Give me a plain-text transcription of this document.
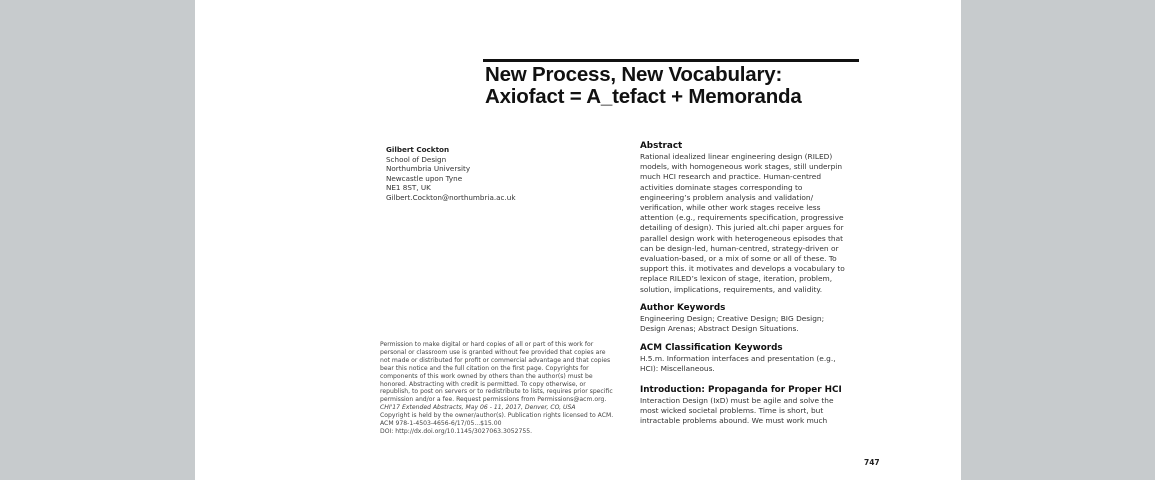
New Process, New Vocabulary:
Axiofact = A_tefact + Memoranda
Gilbert Cockton
School of Design
Northumbria University
Newcastle upon Tyne
NE1 8ST, UK
Gilbert.Cockton@northumbria.ac.uk
Abstract
Rational idealized linear engineering design (RILED)
models, with homogeneous work stages, still underpin
much HCI research and practice. Human-centred
activities dominate stages corresponding to
engineering’s problem analysis and validation/
verification, while other work stages receive less
attention (e.g., requirements specification, progressive
detailing of design). This juried alt.chi paper argues for
parallel design work with heterogeneous episodes that
can be design-led, human-centred, strategy-driven or
evaluation-based, or a mix of some or all of these. To
support this. it motivates and develops a vocabulary to
replace RILED’s lexicon of stage, iteration, problem,
solution, implications, requirements, and validity.
Author Keywords
Engineering Design; Creative Design; BIG Design;
Design Arenas; Abstract Design Situations.
ACM Classification Keywords
H.5.m. Information interfaces and presentation (e.g.,
HCI): Miscellaneous.
Introduction: Propaganda for Proper HCI
Interaction Design (IxD) must be agile and solve the
most wicked societal problems. Time is short, but
intractable problems abound. We must work much
Permission to make digital or hard copies of all or part of this work for
personal or classroom use is granted without fee provided that copies are
not made or distributed for profit or commercial advantage and that copies
bear this notice and the full citation on the first page. Copyrights for
components of this work owned by others than the author(s) must be
honored. Abstracting with credit is permitted. To copy otherwise, or
republish, to post on servers or to redistribute to lists, requires prior specific
permission and/or a fee. Request permissions from Permissions@acm.org.
CHI'17 Extended Abstracts, May 06 - 11, 2017, Denver, CO, USA
Copyright is held by the owner/author(s). Publication rights licensed to ACM.
ACM 978-1-4503-4656-6/17/05...$15.00
DOI: http://dx.doi.org/10.1145/3027063.3052755.
747
